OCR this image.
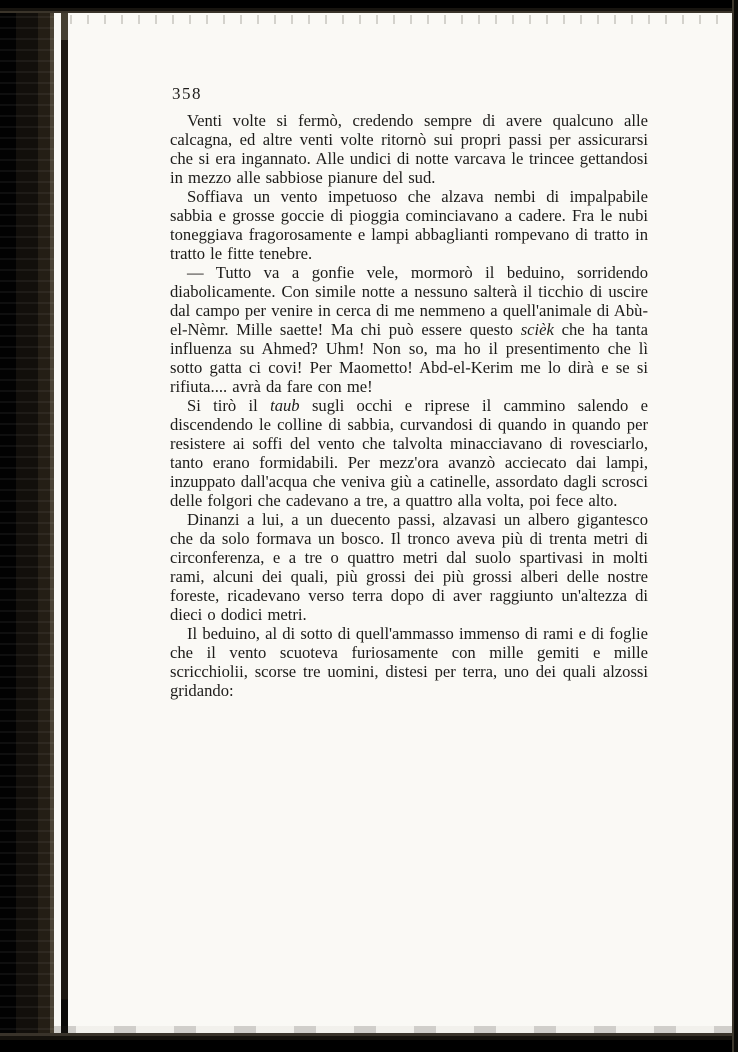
358

Venti volte si fermò, credendo sempre di avere qualcuno alle calcagna, ed altre venti volte ritornò sui propri passi per assicurarsi che si era ingannato. Alle undici di notte varcava le trincee gettandosi in mezzo alle sabbiose pianure del sud.

Soffiava un vento impetuoso che alzava nembi di impalpabile sabbia e grosse goccie di pioggia cominciavano a cadere. Fra le nubi toneggiava fragorosamente e lampi abbaglianti rompevano di tratto in tratto le fitte tenebre.

— Tutto va a gonfie vele, mormorò il beduino, sorridendo diabolicamente. Con simile notte a nessuno salterà il ticchio di uscire dal campo per venire in cerca di me nemmeno a quell'animale di Abù-el-Nèmr. Mille saette! Ma chi può essere questo scièk che ha tanta influenza su Ahmed? Uhm! Non so, ma ho il presentimento che lì sotto gatta ci covi! Per Maometto! Abd-el-Kerim me lo dirà e se si rifiuta.... avrà da fare con me!

Si tirò il taub sugli occhi e riprese il cammino salendo e discendendo le colline di sabbia, curvandosi di quando in quando per resistere ai soffi del vento che talvolta minacciavano di rovesciarlo, tanto erano formidabili. Per mezz'ora avanzò acciecato dai lampi, inzuppato dall'acqua che veniva giù a catinelle, assordato dagli scrosci delle folgori che cadevano a tre, a quattro alla volta, poi fece alto.

Dinanzi a lui, a un duecento passi, alzavasi un albero gigantesco che da solo formava un bosco. Il tronco aveva più di trenta metri di circonferenza, e a tre o quattro metri dal suolo spartivasi in molti rami, alcuni dei quali, più grossi dei più grossi alberi delle nostre foreste, ricadevano verso terra dopo di aver raggiunto un'altezza di dieci o dodici metri.

Il beduino, al di sotto di quell'ammasso immenso di rami e di foglie che il vento scuoteva furiosamente con mille gemiti e mille scricchiolii, scorse tre uomini, distesi per terra, uno dei quali alzossi gridando:
